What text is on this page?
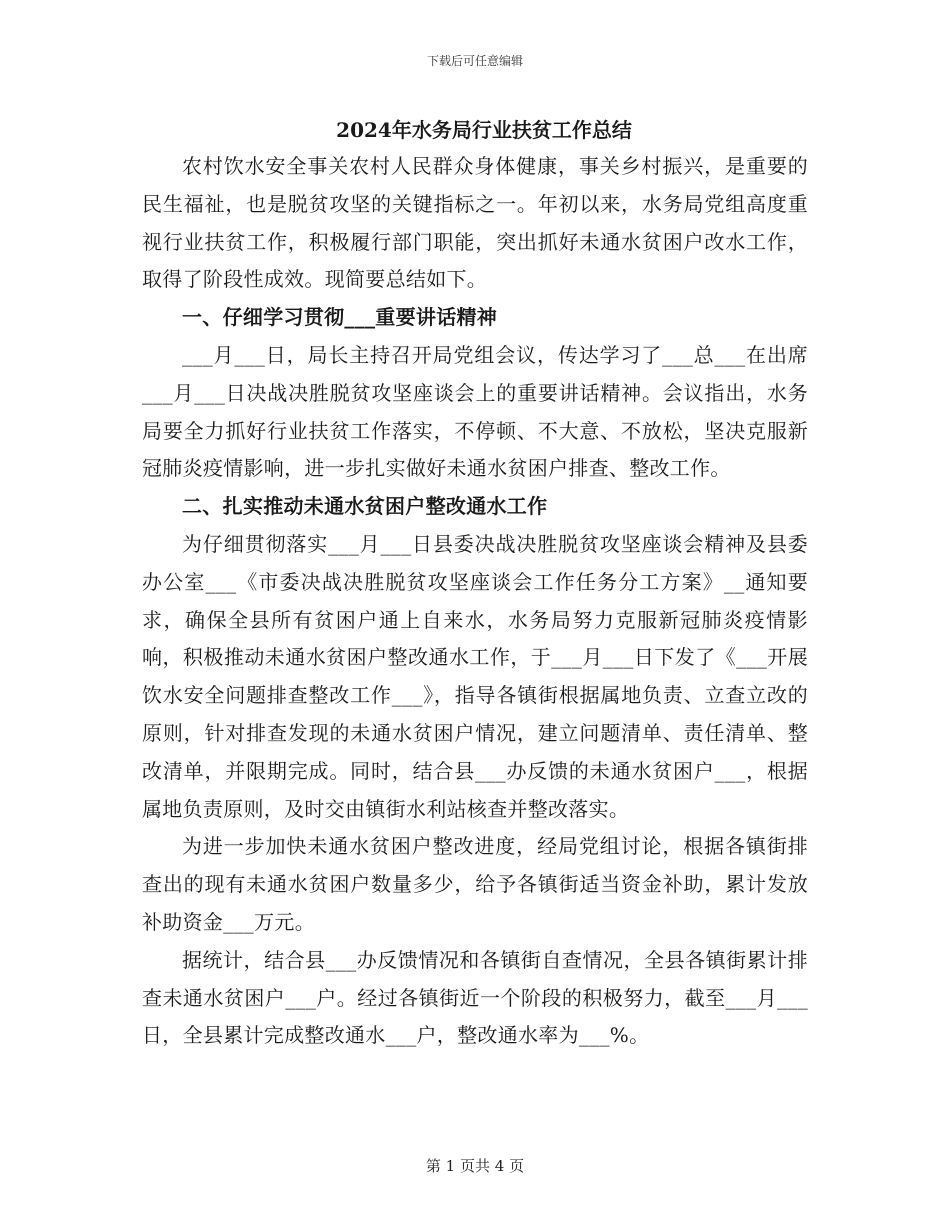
下载后可任意编辑
2024年水务局行业扶贫工作总结

农村饮水安全事关农村人民群众身体健康，事关乡村振兴，是重要的民生福祉，也是脱贫攻坚的关键指标之一。年初以来，水务局党组高度重视行业扶贫工作，积极履行部门职能，突出抓好未通水贫困户改水工作，取得了阶段性成效。现简要总结如下。

一、仔细学习贯彻___重要讲话精神

___月___日，局长主持召开局党组会议，传达学习了___总___在出席___月___日决战决胜脱贫攻坚座谈会上的重要讲话精神。会议指出，水务局要全力抓好行业扶贫工作落实，不停顿、不大意、不放松，坚决克服新冠肺炎疫情影响，进一步扎实做好未通水贫困户排查、整改工作。

二、扎实推动未通水贫困户整改通水工作

为仔细贯彻落实___月___日县委决战决胜脱贫攻坚座谈会精神及县委办公室___《市委决战决胜脱贫攻坚座谈会工作任务分工方案》__通知要求，确保全县所有贫困户通上自来水，水务局努力克服新冠肺炎疫情影响，积极推动未通水贫困户整改通水工作，于___月___日下发了《___开展饮水安全问题排查整改工作___》，指导各镇街根据属地负责、立查立改的原则，针对排查发现的未通水贫困户情况，建立问题清单、责任清单、整改清单，并限期完成。同时，结合县___办反馈的未通水贫困户___，根据属地负责原则，及时交由镇街水利站核查并整改落实。

为进一步加快未通水贫困户整改进度，经局党组讨论，根据各镇街排查出的现有未通水贫困户数量多少，给予各镇街适当资金补助，累计发放补助资金___万元。

据统计，结合县___办反馈情况和各镇街自查情况，全县各镇街累计排查未通水贫困户___户。经过各镇街近一个阶段的积极努力，截至___月___日，全县累计完成整改通水___户，整改通水率为___%。

第 1 页共 4 页
